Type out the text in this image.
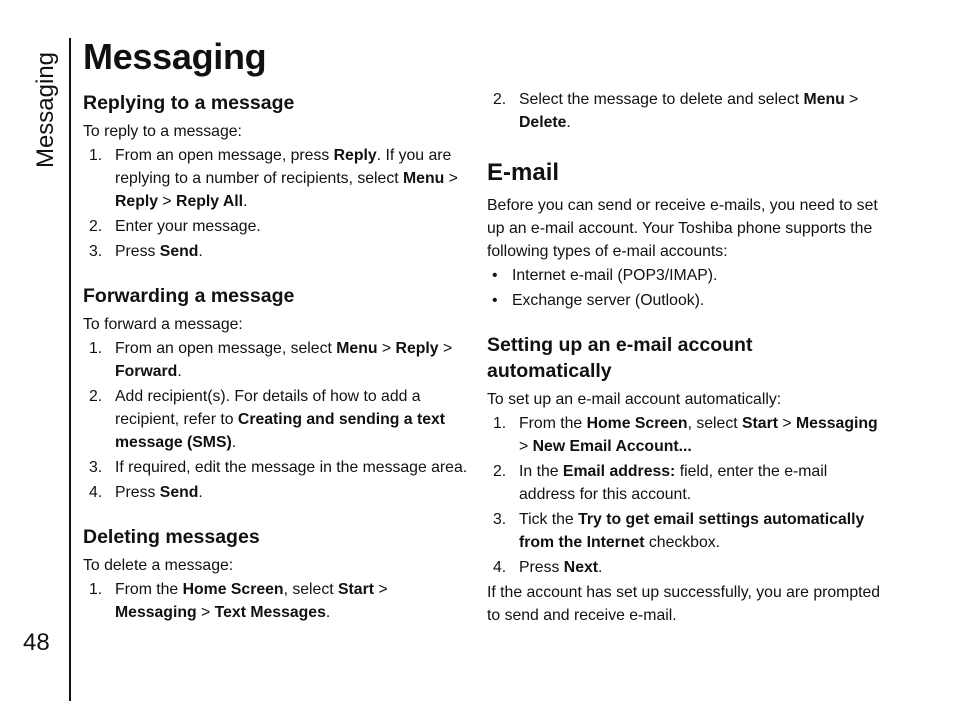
Messaging
48
Messaging
Replying to a message

To reply to a message:

1. From an open message, press Reply. If you are replying to a number of recipients, select Menu > Reply > Reply All.
2. Enter your message.
3. Press Send.
Forwarding a message

To forward a message:

1. From an open message, select Menu > Reply > Forward.
2. Add recipient(s). For details of how to add a recipient, refer to Creating and sending a text message (SMS).
3. If required, edit the message in the message area.
4. Press Send.
Deleting messages

To delete a message:

1. From the Home Screen, select Start > Messaging > Text Messages.
2. Select the message to delete and select Menu > Delete.
E-mail

Before you can send or receive e-mails, you need to set up an e-mail account. Your Toshiba phone supports the following types of e-mail accounts:

• Internet e-mail (POP3/IMAP).
• Exchange server (Outlook).
Setting up an e-mail account automatically

To set up an e-mail account automatically:

1. From the Home Screen, select Start > Messaging > New Email Account...
2. In the Email address: field, enter the e-mail address for this account.
3. Tick the Try to get email settings automatically from the Internet checkbox.
4. Press Next.

If the account has set up successfully, you are prompted to send and receive e-mail.
